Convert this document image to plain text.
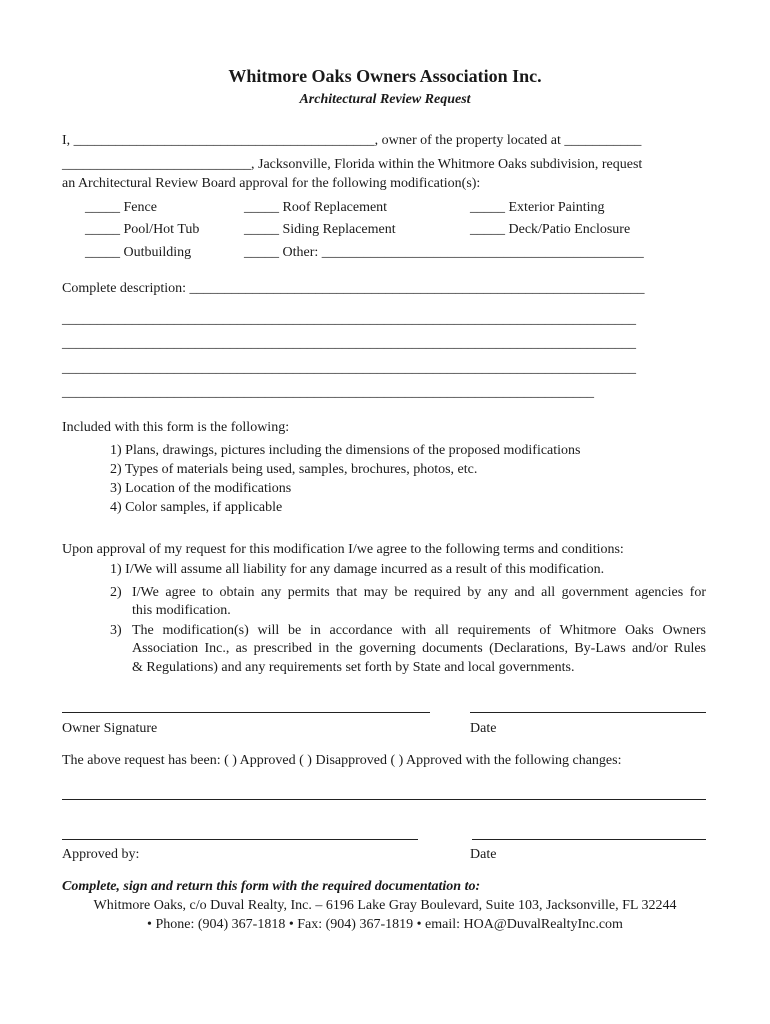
Whitmore Oaks Owners Association Inc.
Architectural Review Request
I, ___________________________________________, owner of the property located at ___________
___________________________, Jacksonville, Florida within the Whitmore Oaks subdivision, request
an Architectural Review Board approval for the following modification(s):
_____ Fence	_____ Roof Replacement	_____ Exterior Painting
_____ Pool/Hot Tub	_____ Siding Replacement	_____ Deck/Patio Enclosure
_____ Outbuilding	_____ Other: ______________________________________________
Complete description: _________________________________________________________________
__________________________________________________________________________________
__________________________________________________________________________________
__________________________________________________________________________________
____________________________________________________________________________
Included with this form is the following:
1) Plans, drawings, pictures including the dimensions of the proposed modifications
2) Types of materials being used, samples, brochures, photos, etc.
3) Location of the modifications
4) Color samples, if applicable
Upon approval of my request for this modification I/we agree to the following terms and conditions:
1) I/We will assume all liability for any damage incurred as a result of this modification.
2) I/We agree to obtain any permits that may be required by any and all government agencies for
this modification.
3) The modification(s) will be in accordance with all requirements of Whitmore Oaks Owners
Association Inc., as prescribed in the governing documents (Declarations, By-Laws and/or Rules
& Regulations) and any requirements set forth by State and local governments.
Owner Signature	Date
The above request has been: ( ) Approved ( ) Disapproved ( ) Approved with the following changes:
Approved by:	Date
Complete, sign and return this form with the required documentation to:
Whitmore Oaks, c/o Duval Realty, Inc. – 6196 Lake Gray Boulevard, Suite 103, Jacksonville, FL 32244
• Phone: (904) 367-1818 • Fax: (904) 367-1819 • email: HOA@DuvalRealtyInc.com
